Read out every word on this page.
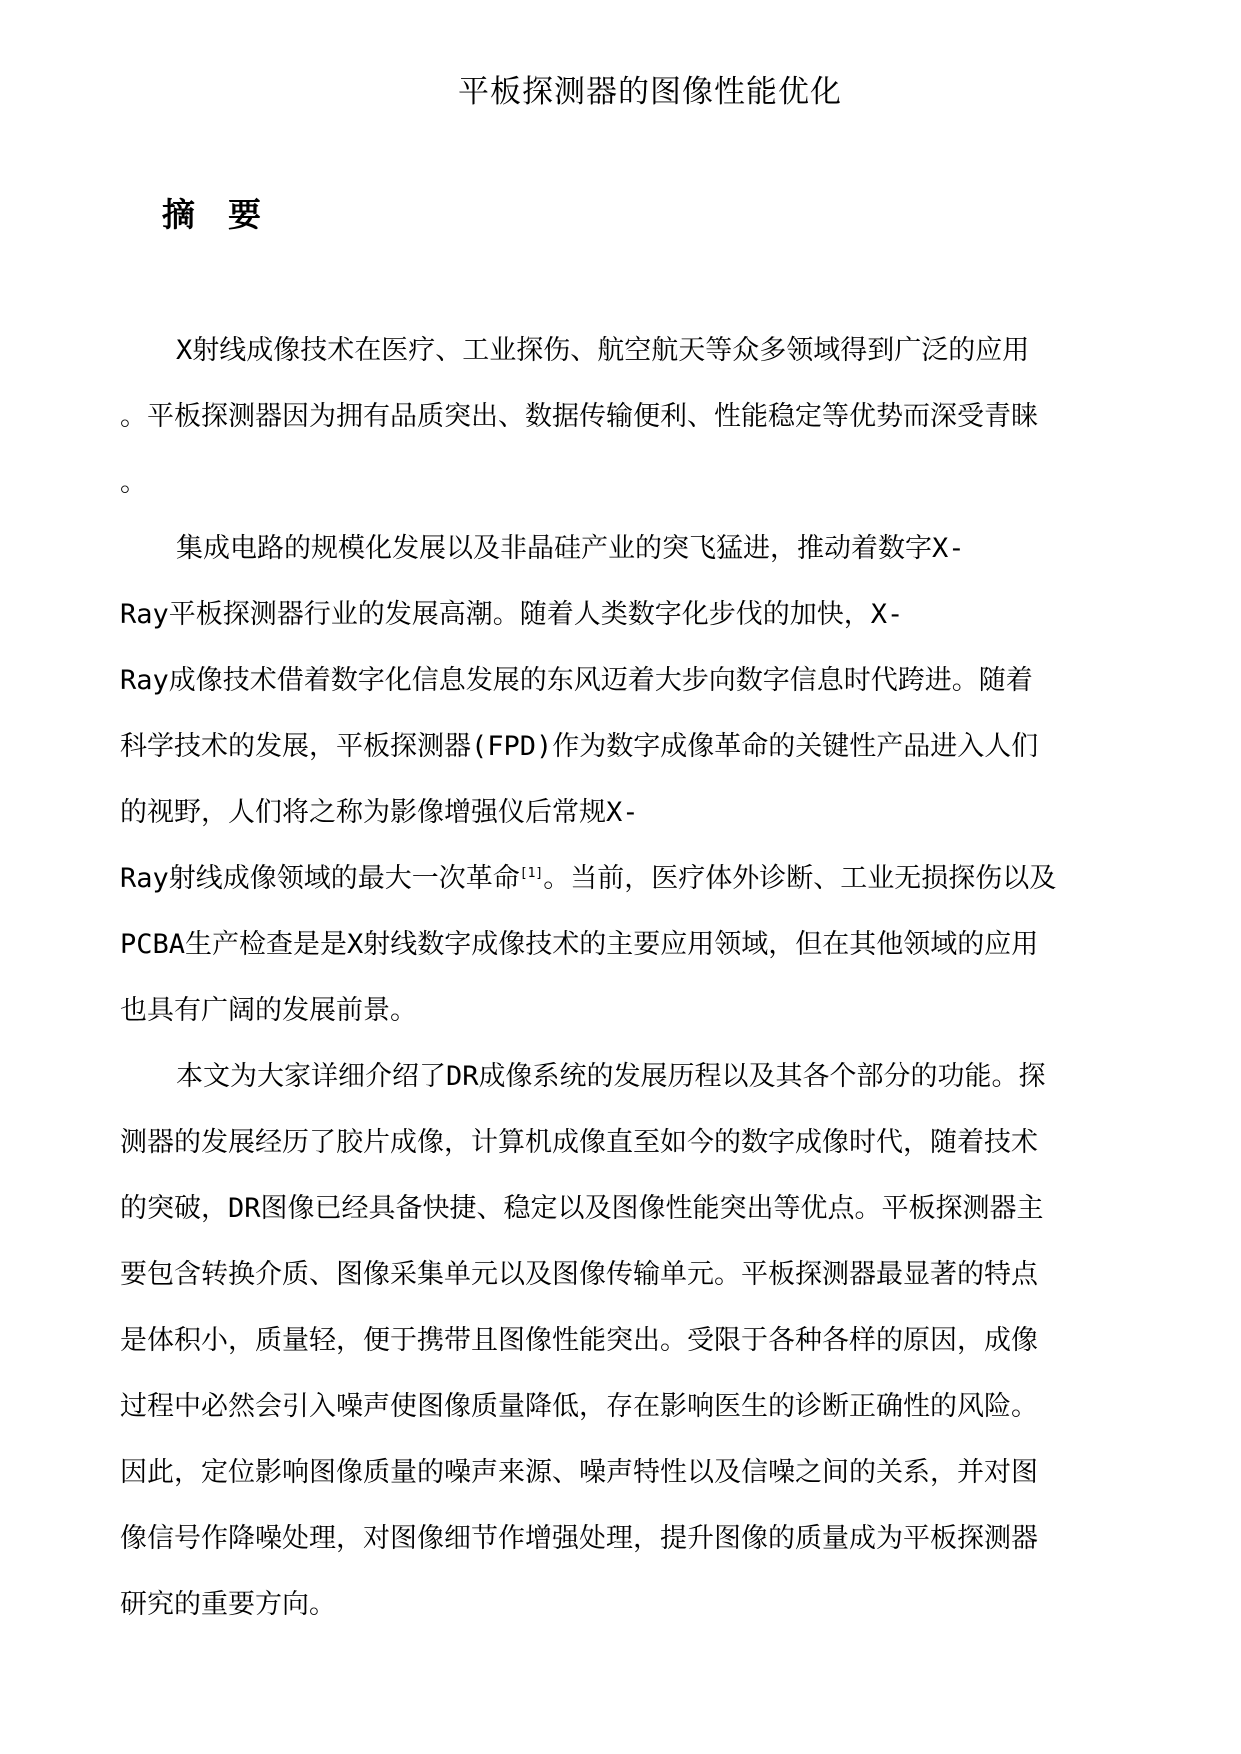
平板探测器的图像性能优化
摘　要
X射线成像技术在医疗、工业探伤、航空航天等众多领域得到广泛的应用
。平板探测器因为拥有品质突出、数据传输便利、性能稳定等优势而深受青睐
。
集成电路的规模化发展以及非晶硅产业的突飞猛进，推动着数字X-
Ray平板探测器行业的发展高潮。随着人类数字化步伐的加快，X-
Ray成像技术借着数字化信息发展的东风迈着大步向数字信息时代跨进。随着
科学技术的发展，平板探测器(FPD)作为数字成像革命的关键性产品进入人们
的视野，人们将之称为影像增强仪后常规X-
Ray射线成像领域的最大一次革命[1]。当前，医疗体外诊断、工业无损探伤以及
PCBA生产检查是是X射线数字成像技术的主要应用领域，但在其他领域的应用
也具有广阔的发展前景。
本文为大家详细介绍了DR成像系统的发展历程以及其各个部分的功能。探
测器的发展经历了胶片成像，计算机成像直至如今的数字成像时代，随着技术
的突破，DR图像已经具备快捷、稳定以及图像性能突出等优点。平板探测器主
要包含转换介质、图像采集单元以及图像传输单元。平板探测器最显著的特点
是体积小，质量轻，便于携带且图像性能突出。受限于各种各样的原因，成像
过程中必然会引入噪声使图像质量降低，存在影响医生的诊断正确性的风险。
因此，定位影响图像质量的噪声来源、噪声特性以及信噪之间的关系，并对图
像信号作降噪处理，对图像细节作增强处理，提升图像的质量成为平板探测器
研究的重要方向。
